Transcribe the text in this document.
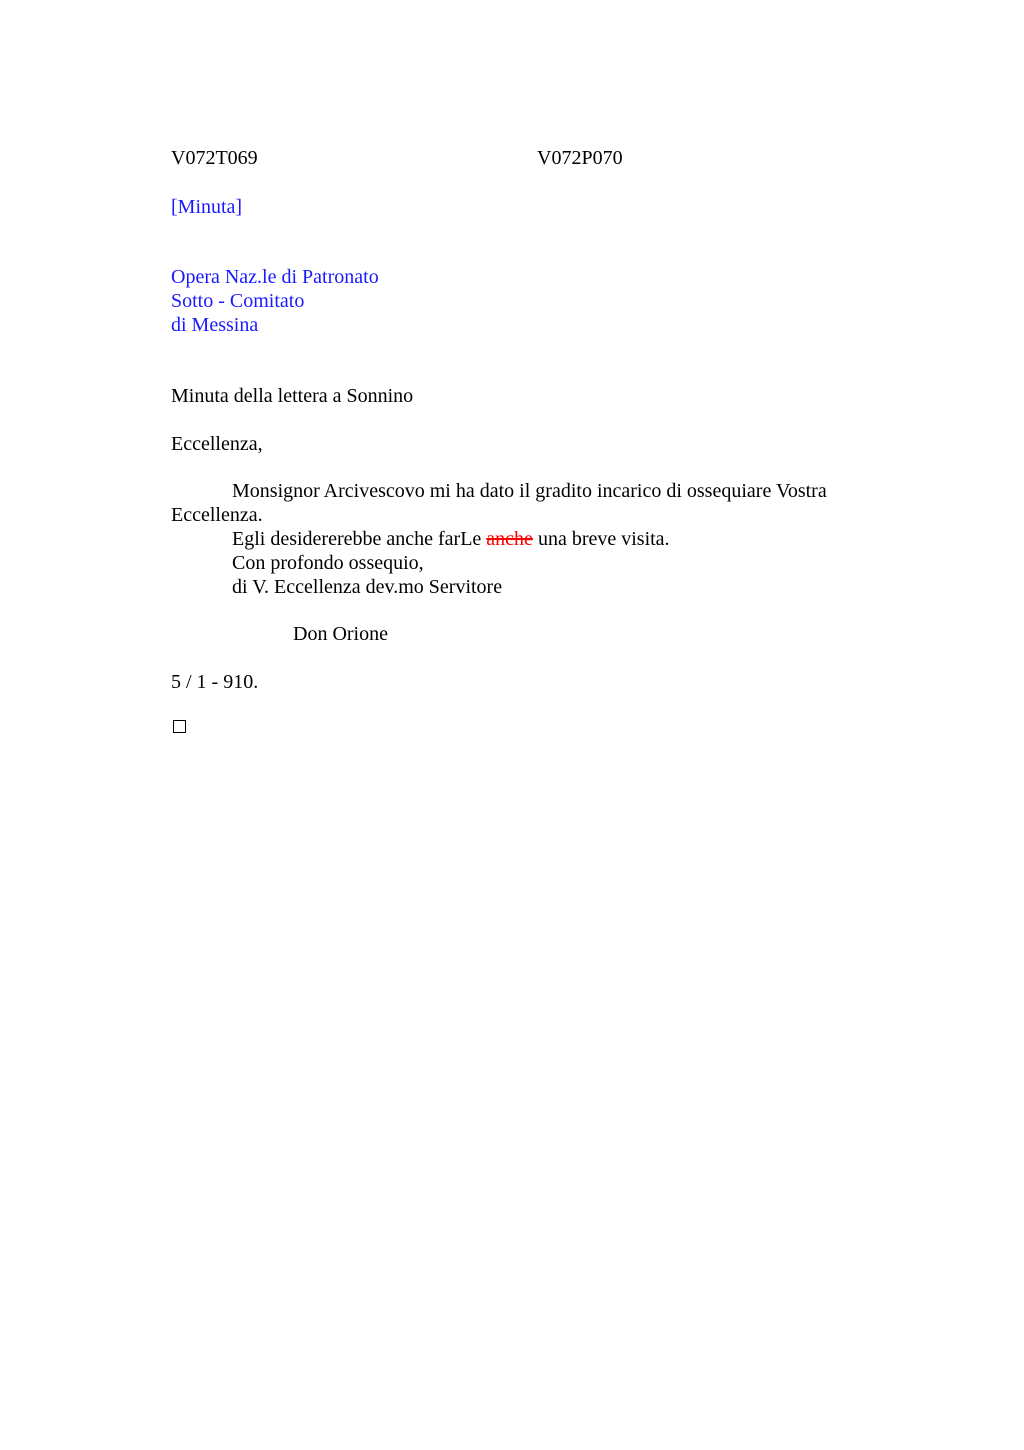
V072T069	V072P070
[Minuta]
Opera Naz.le di Patronato
Sotto - Comitato
di Messina
Minuta della lettera a Sonnino
Eccellenza,
Monsignor Arcivescovo mi ha dato il gradito incarico di ossequiare Vostra
Eccellenza.
Egli desidererebbe anche farLe anche una breve visita.
Con profondo ossequio,
di V. Eccellenza dev.mo Servitore
Don Orione
5 / 1 - 910.
